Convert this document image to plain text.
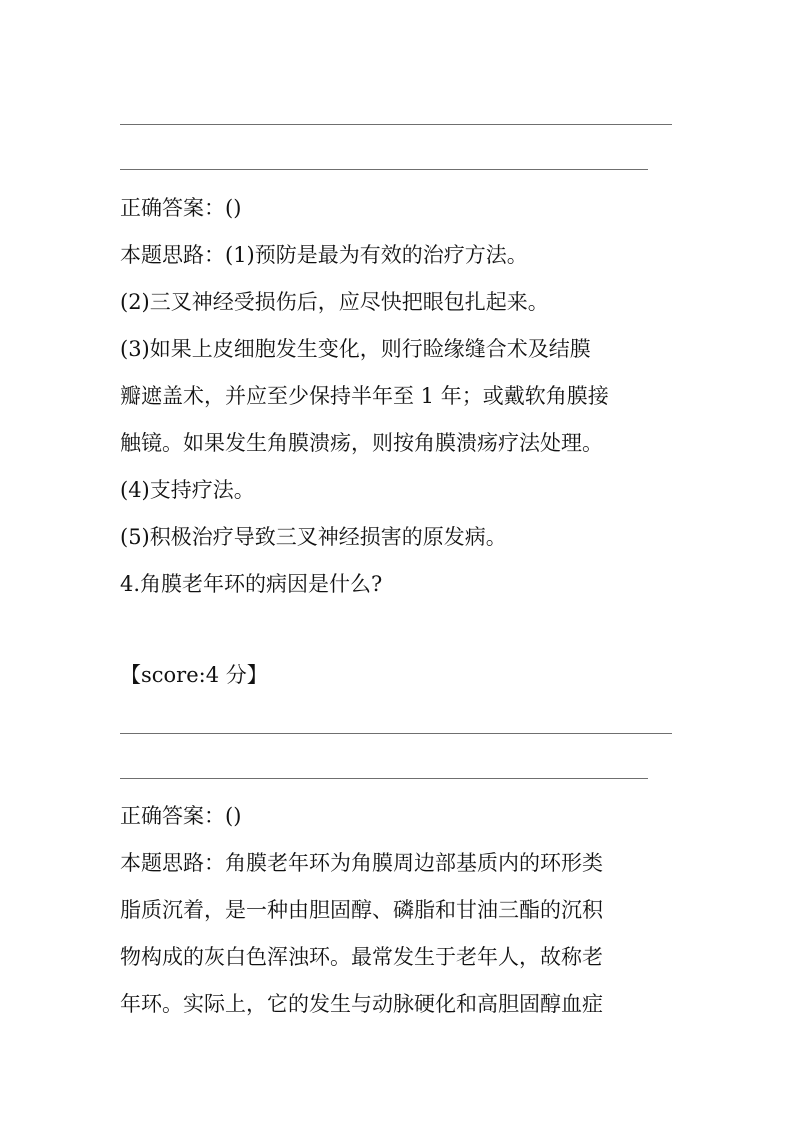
正确答案：()
本题思路：(1)预防是最为有效的治疗方法。
(2)三叉神经受损伤后，应尽快把眼包扎起来。
(3)如果上皮细胞发生变化，则行睑缘缝合术及结膜
瓣遮盖术，并应至少保持半年至 1 年；或戴软角膜接
触镜。如果发生角膜溃疡，则按角膜溃疡疗法处理。
(4)支持疗法。
(5)积极治疗导致三叉神经损害的原发病。
4.角膜老年环的病因是什么?
【score:4 分】
正确答案：()
本题思路：角膜老年环为角膜周边部基质内的环形类
脂质沉着，是一种由胆固醇、磷脂和甘油三酯的沉积
物构成的灰白色浑浊环。最常发生于老年人，故称老
年环。实际上，它的发生与动脉硬化和高胆固醇血症
